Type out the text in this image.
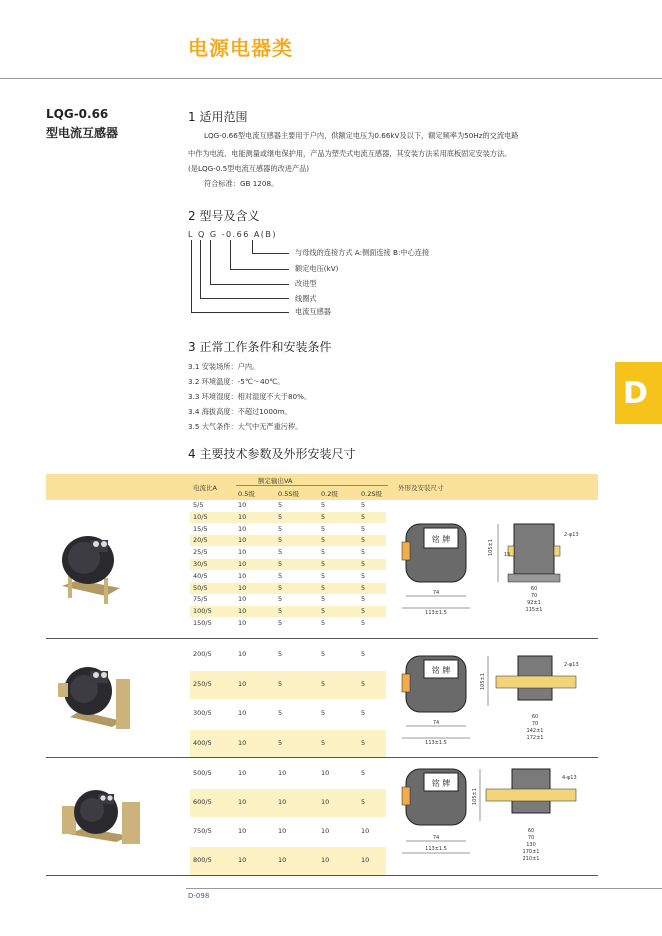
电源电器类
LQG-0.66
型电流互感器
1 适用范围
LQG-0.66型电流互感器主要用于户内，供额定电压为0.66kV及以下，额定频率为50Hz的交流电路
中作为电流、电能测量或继电保护用，产品为塑壳式电流互感器，其安装方法采用底板固定安装方法。
(是LQG-0.5型电流互感器的改进产品)
符合标准：GB 1208。
2 型号及含义
L Q G -0.66 A(B)
与母线的连接方式 A:侧面连接 B:中心连接
额定电压(kV)
改进型
线圈式
电流互感器
3 正常工作条件和安装条件
3.1 安装场所：户内。
3.2 环境温度：-5℃～40℃。
3.3 环境湿度：相对湿度不大于80%。
3.4 海拔高度：不超过1000m。
3.5 大气条件：大气中无严重污秽。
D
4 主要技术参数及外形安装尺寸
电流比A
额定输出VA
0.5级	0.5S级	0.2级	0.2S级
外形及安装尺寸
5/5	10	5	5	5
10/5	10	5	5	5
15/5	10	5	5	5
20/5	10	5	5	5
25/5	10	5	5	5
30/5	10	5	5	5
40/5	10	5	5	5
50/5	10	5	5	5
75/5	10	5	5	5
100/5	10	5	5	5
150/5	10	5	5	5
200/5	10	5	5	5
250/5	10	5	5	5
300/5	10	5	5	5
400/5	10	5	5	5
500/5	10	10	10	5
600/5	10	10	10	5
750/5	10	10	10	10
800/5	10	10	10	10
铭 牌
74
113±1.5
105±1 15
2-φ13
60
70
92±1
115±1
铭 牌
74
113±1.5
105±1
2-φ13
60
70
142±1
172±1
铭 牌
74
113±1.5
105±1
4-φ13
60
70
130
170±1
210±1
D-098
